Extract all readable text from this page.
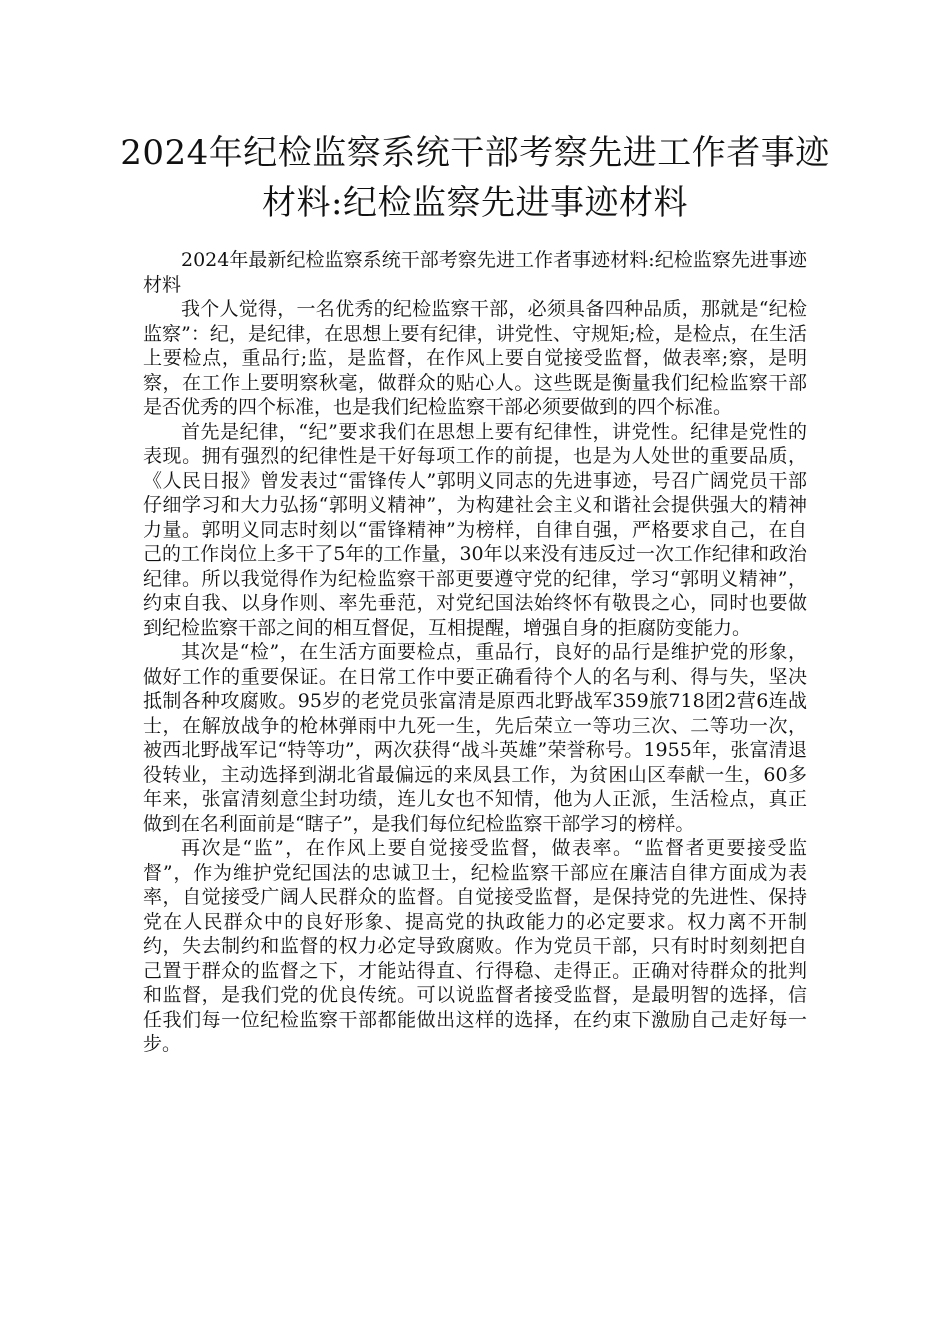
2024年纪检监察系统干部考察先进工作者事迹材料:纪检监察先进事迹材料

2024年最新纪检监察系统干部考察先进工作者事迹材料:纪检监察先进事迹材料

我个人觉得，一名优秀的纪检监察干部，必须具备四种品质，那就是“纪检监察”：纪，是纪律，在思想上要有纪律，讲党性、守规矩;检，是检点，在生活上要检点，重品行;监，是监督，在作风上要自觉接受监督，做表率;察，是明察，在工作上要明察秋毫，做群众的贴心人。这些既是衡量我们纪检监察干部是否优秀的四个标准，也是我们纪检监察干部必须要做到的四个标准。

首先是纪律，“纪”要求我们在思想上要有纪律性，讲党性。纪律是党性的表现。拥有强烈的纪律性是干好每项工作的前提，也是为人处世的重要品质，《人民日报》曾发表过“雷锋传人”郭明义同志的先进事迹，号召广阔党员干部仔细学习和大力弘扬“郭明义精神”，为构建社会主义和谐社会提供强大的精神力量。郭明义同志时刻以“雷锋精神”为榜样，自律自强，严格要求自己，在自己的工作岗位上多干了5年的工作量，30年以来没有违反过一次工作纪律和政治纪律。所以我觉得作为纪检监察干部更要遵守党的纪律，学习“郭明义精神”，约束自我、以身作则、率先垂范，对党纪国法始终怀有敬畏之心，同时也要做到纪检监察干部之间的相互督促，互相提醒，增强自身的拒腐防变能力。

其次是“检”，在生活方面要检点，重品行，良好的品行是维护党的形象，做好工作的重要保证。在日常工作中要正确看待个人的名与利、得与失，坚决抵制各种攻腐败。95岁的老党员张富清是原西北野战军359旅718团2营6连战士，在解放战争的枪林弹雨中九死一生，先后荣立一等功三次、二等功一次，被西北野战军记“特等功”，两次获得“战斗英雄”荣誉称号。1955年，张富清退役转业，主动选择到湖北省最偏远的来凤县工作，为贫困山区奉献一生，60多年来，张富清刻意尘封功绩，连儿女也不知情，他为人正派，生活检点，真正做到在名利面前是“瞎子”，是我们每位纪检监察干部学习的榜样。

再次是“监”，在作风上要自觉接受监督，做表率。“监督者更要接受监督”，作为维护党纪国法的忠诚卫士，纪检监察干部应在廉洁自律方面成为表率，自觉接受广阔人民群众的监督。自觉接受监督，是保持党的先进性、保持党在人民群众中的良好形象、提高党的执政能力的必定要求。权力离不开制约，失去制约和监督的权力必定导致腐败。作为党员干部，只有时时刻刻把自己置于群众的监督之下，才能站得直、行得稳、走得正。正确对待群众的批判和监督，是我们党的优良传统。可以说监督者接受监督，是最明智的选择，信任我们每一位纪检监察干部都能做出这样的选择，在约束下激励自己走好每一步。
